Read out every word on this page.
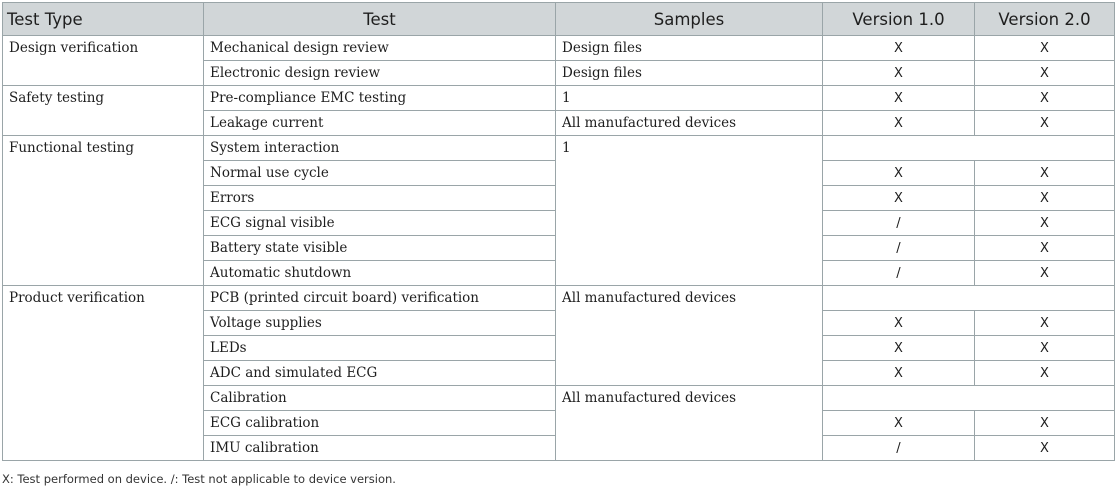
Test Type	Test	Samples	Version 1.0	Version 2.0
Design verification	Mechanical design review	Design files	X	X
	Electronic design review	Design files	X	X
Safety testing	Pre-compliance EMC testing	1	X	X
	Leakage current	All manufactured devices	X	X
Functional testing	System interaction	1		
	Normal use cycle		X	X
	Errors		X	X
	ECG signal visible		/	X
	Battery state visible		/	X
	Automatic shutdown		/	X
Product verification	PCB (printed circuit board) verification	All manufactured devices		
	Voltage supplies		X	X
	LEDs		X	X
	ADC and simulated ECG		X	X
	Calibration	All manufactured devices		
	ECG calibration		X	X
	IMU calibration		/	X
X: Test performed on device. /: Test not applicable to device version.
